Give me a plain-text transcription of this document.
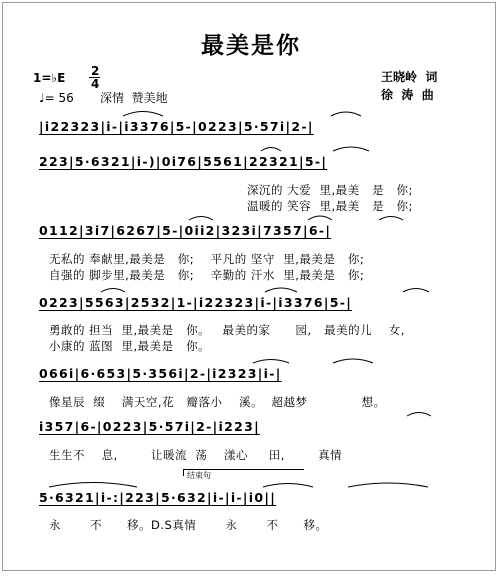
最美是你
1=♭E 2
4
♩= 56 深情  赞美地
王晓岭  词
徐  涛  曲
|i22323|i-|i3376|5-|0223|5·57i|2-|
223|5·6321|i-)|0i76|5561|22321|5-|
深沉的 大爱  里,最美   是   你;
温暖的 笑容  里,最美   是   你;
0112|3i7|6267|5-|0ii2|323i|7357|6-|
无私的 奉献里,最美是   你;    平凡的 坚守  里,最美是   你;
自强的 脚步里,最美是   你;    辛勤的 汗水  里,最美是   你;
0223|5563|2532|1-|i22323|i-|i3376|5-|
勇敢的 担当  里,最美是   你。   最美的家      园,   最美的儿    女,
小康的 蓝图  里,最美是   你。
066i|6·653|5·356i|2-|i2323|i-|
像星辰  缀    满天空,花   瓣落小    溪。  超越梦             想。
i357|6-|0223|5·57i|2-|i223|
生生不    息,        让暖流  荡    漾心     田,        真情
结束句
5·6321|i-:|223|5·632|i-|i-|i0||
永       不      移。D.S真情       永       不      移。
